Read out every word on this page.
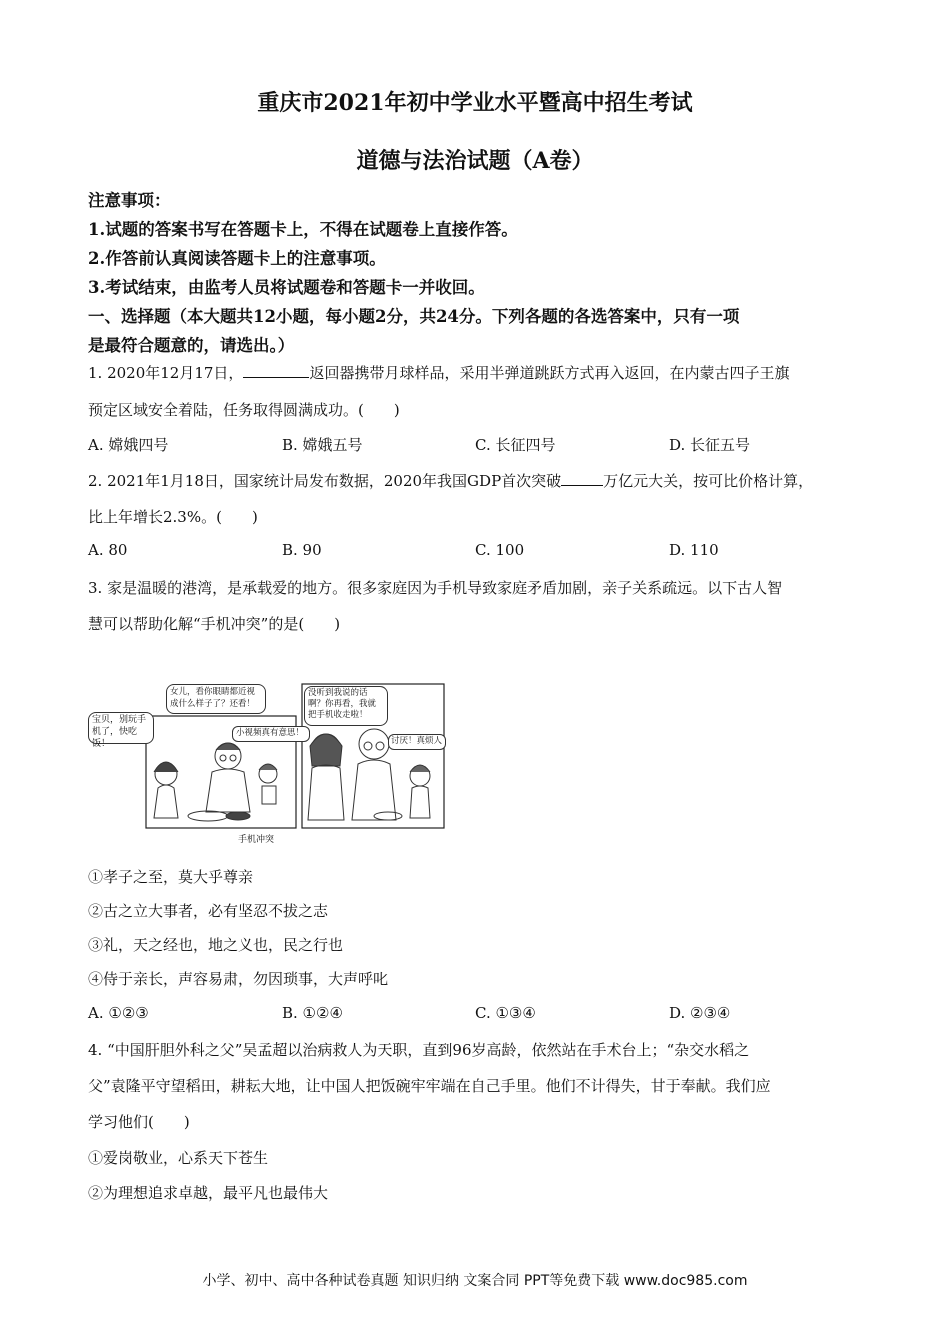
重庆市2021年初中学业水平暨高中招生考试
道德与法治试题（A卷）
注意事项：
1.试题的答案书写在答题卡上，不得在试题卷上直接作答。
2.作答前认真阅读答题卡上的注意事项。
3.考试结束，由监考人员将试题卷和答题卡一并收回。
一、选择题（本大题共12小题，每小题2分，共24分。下列各题的各选答案中，只有一项
是最符合题意的，请选出。）
1. 2020年12月17日，	返回器携带月球样品，采用半弹道跳跃方式再入返回，在内蒙古四子王旗
预定区域安全着陆，任务取得圆满成功。(　　)
A. 嫦娥四号	B. 嫦娥五号	C. 长征四号	D. 长征五号
2. 2021年1月18日，国家统计局发布数据，2020年我国GDP首次突破	万亿元大关，按可比价格计算，
比上年增长2.3%。(　　)
A. 80	B. 90	C. 100	D. 110
3. 家是温暖的港湾，是承载爱的地方。很多家庭因为手机导致家庭矛盾加剧，亲子关系疏远。以下古人智
慧可以帮助化解“手机冲突”的是(　　)
宝贝，别玩手机了，快吃饭！
女儿，看你眼睛都近视成什么样子了？还看！
小视频真有意思！
没听到我说的话啊？你再看，我就把手机收走啦！
讨厌！真烦人
手机冲突
①孝子之至，莫大乎尊亲
②古之立大事者，必有坚忍不拔之志
③礼，天之经也，地之义也，民之行也
④侍于亲长，声容易肃，勿因琐事，大声呼叱
A. ①②③	B. ①②④	C. ①③④	D. ②③④
4. “中国肝胆外科之父”吴孟超以治病救人为天职，直到96岁高龄，依然站在手术台上；“杂交水稻之
父”袁隆平守望稻田，耕耘大地，让中国人把饭碗牢牢端在自己手里。他们不计得失，甘于奉献。我们应
学习他们(　　)
①爱岗敬业，心系天下苍生
②为理想追求卓越，最平凡也最伟大
小学、初中、高中各种试卷真题 知识归纳 文案合同 PPT等免费下载 www.doc985.com
